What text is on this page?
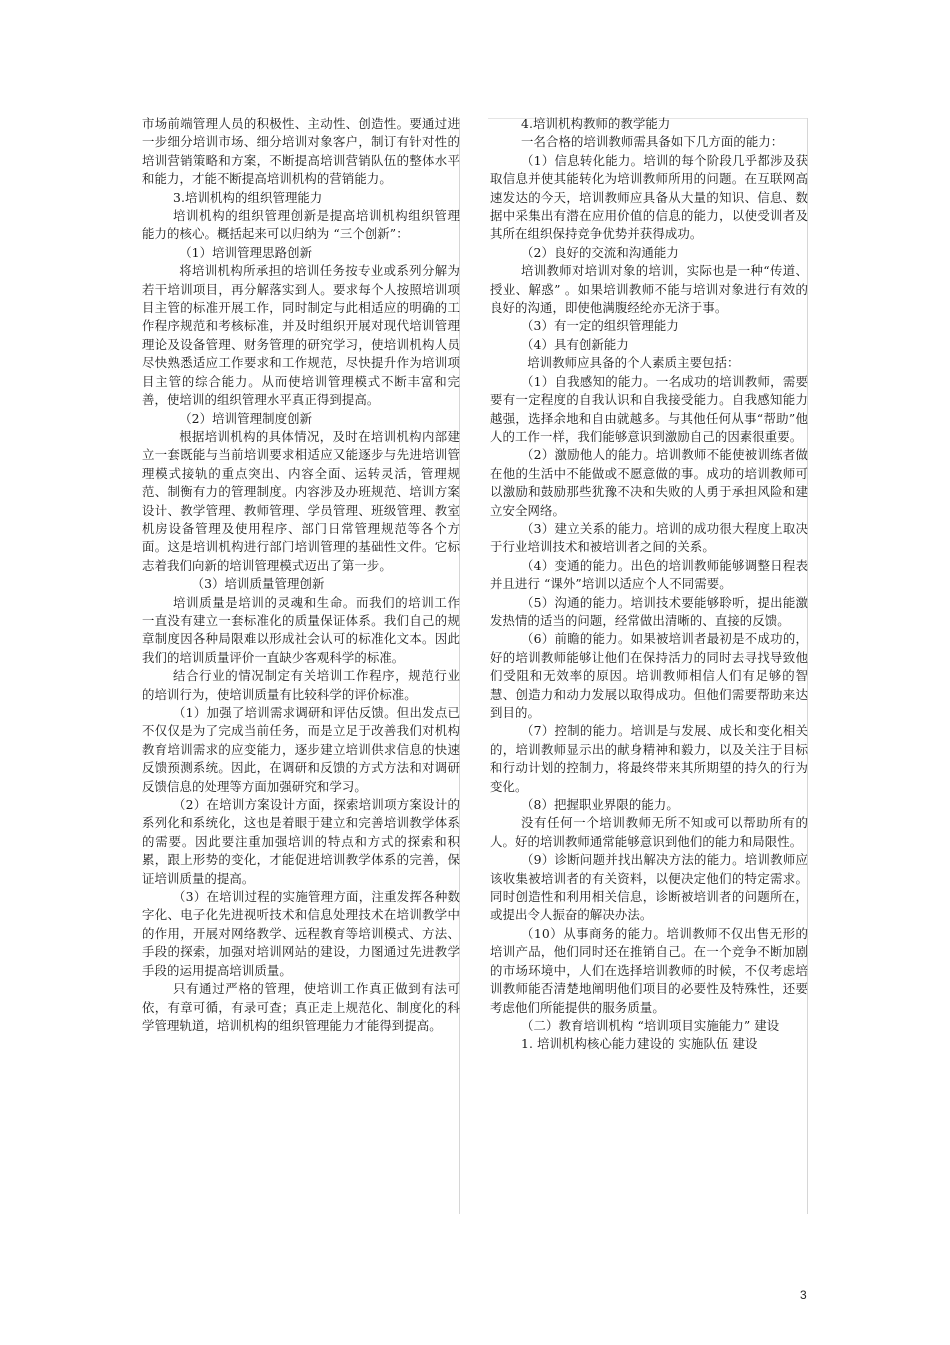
市场前端管理人员的积极性、主动性、创造性。要通过进一步细分培训市场、细分培训对象客户，制订有针对性的培训营销策略和方案，不断提高培训营销队伍的整体水平和能力，才能不断提高培训机构的营销能力。

3.培训机构的组织管理能力

培训机构的组织管理创新是提高培训机构组织管理能力的核心。概括起来可以归纳为 “三个创新”：

（1）培训管理思路创新

将培训机构所承担的培训任务按专业或系列分解为若干培训项目，再分解落实到人。要求每个人按照培训项目主管的标准开展工作，同时制定与此相适应的明确的工作程序规范和考核标准，并及时组织开展对现代培训管理理论及设备管理、财务管理的研究学习，使培训机构人员尽快熟悉适应工作要求和工作规范，尽快提升作为培训项目主管的综合能力。从而使培训管理模式不断丰富和完善，使培训的组织管理水平真正得到提高。

（2）培训管理制度创新

根据培训机构的具体情况，及时在培训机构内部建立一套既能与当前培训要求相适应又能逐步与先进培训管理模式接轨的重点突出、内容全面、运转灵活，管理规范、制衡有力的管理制度。内容涉及办班规范、培训方案设计、教学管理、教师管理、学员管理、班级管理、教室机房设备管理及使用程序、部门日常管理规范等各个方面。这是培训机构进行部门培训管理的基础性文件。它标志着我们向新的培训管理模式迈出了第一步。

（3）培训质量管理创新

培训质量是培训的灵魂和生命。而我们的培训工作一直没有建立一套标准化的质量保证体系。我们自己的规章制度因各种局限难以形成社会认可的标准化文本。因此我们的培训质量评价一直缺少客观科学的标准。

结合行业的情况制定有关培训工作程序，规范行业的培训行为，使培训质量有比较科学的评价标准。

（1）加强了培训需求调研和评估反馈。但出发点已不仅仅是为了完成当前任务，而是立足于改善我们对机构教育培训需求的应变能力，逐步建立培训供求信息的快速反馈预测系统。因此，在调研和反馈的方式方法和对调研反馈信息的处理等方面加强研究和学习。

（2）在培训方案设计方面，探索培训项方案设计的系列化和系统化，这也是着眼于建立和完善培训教学体系的需要。因此要注重加强培训的特点和方式的探索和积累，跟上形势的变化，才能促进培训教学体系的完善，保证培训质量的提高。

（3）在培训过程的实施管理方面，注重发挥各种数字化、电子化先进视听技术和信息处理技术在培训教学中的作用，开展对网络教学、远程教育等培训模式、方法、手段的探索，加强对培训网站的建设，力图通过先进教学手段的运用提高培训质量。

只有通过严格的管理，使培训工作真正做到有法可依，有章可循，有录可查；真正走上规范化、制度化的科学管理轨道，培训机构的组织管理能力才能得到提高。

4.培训机构教师的教学能力

一名合格的培训教师需具备如下几方面的能力：

（1）信息转化能力。培训的每个阶段几乎都涉及获取信息并使其能转化为培训教师所用的问题。在互联网高速发达的今天，培训教师应具备从大量的知识、信息、数据中采集出有潜在应用价值的信息的能力，以使受训者及其所在组织保持竞争优势并获得成功。

（2）良好的交流和沟通能力

培训教师对培训对象的培训，实际也是一种“传道、授业、解惑” 。如果培训教师不能与培训对象进行有效的良好的沟通，即使他满腹经纶亦无济于事。

（3）有一定的组织管理能力

（4）具有创新能力

培训教师应具备的个人素质主要包括：

（1）自我感知的能力。一名成功的培训教师，需要要有一定程度的自我认识和自我接受能力。自我感知能力越强，选择余地和自由就越多。与其他任何从事“帮助”他人的工作一样，我们能够意识到激励自己的因素很重要。

（2）激励他人的能力。培训教师不能使被训练者做在他的生活中不能做或不愿意做的事。成功的培训教师可以激励和鼓励那些犹豫不决和失败的人勇于承担风险和建立安全网络。

（3）建立关系的能力。培训的成功很大程度上取决于行业培训技术和被培训者之间的关系。

（4）变通的能力。出色的培训教师能够调整日程表并且进行 “课外”培训以适应个人不同需要。

（5）沟通的能力。培训技术要能够聆听，提出能激发热情的适当的问题，经常做出清晰的、直接的反馈。

（6）前瞻的能力。如果被培训者最初是不成功的，好的培训教师能够让他们在保持活力的同时去寻找导致他们受阻和无效率的原因。培训教师相信人们有足够的智慧、创造力和动力发展以取得成功。但他们需要帮助来达到目的。

（7）控制的能力。培训是与发展、成长和变化相关的，培训教师显示出的献身精神和毅力，以及关注于目标和行动计划的控制力，将最终带来其所期望的持久的行为变化。

（8）把握职业界限的能力。

没有任何一个培训教师无所不知或可以帮助所有的人。好的培训教师通常能够意识到他们的能力和局限性。

（9）诊断问题并找出解决方法的能力。培训教师应该收集被培训者的有关资料，以便决定他们的特定需求。同时创造性和利用相关信息，诊断被培训者的问题所在，或提出令人振奋的解决办法。

（10）从事商务的能力。培训教师不仅出售无形的培训产品，他们同时还在推销自己。在一个竞争不断加剧的市场环境中，人们在选择培训教师的时候，不仅考虑培训教师能否清楚地阐明他们项目的必要性及特殊性，还要考虑他们所能提供的服务质量。

（二）教育培训机构 “培训项目实施能力” 建设

1. 培训机构核心能力建设的 实施队伍 建设

3
